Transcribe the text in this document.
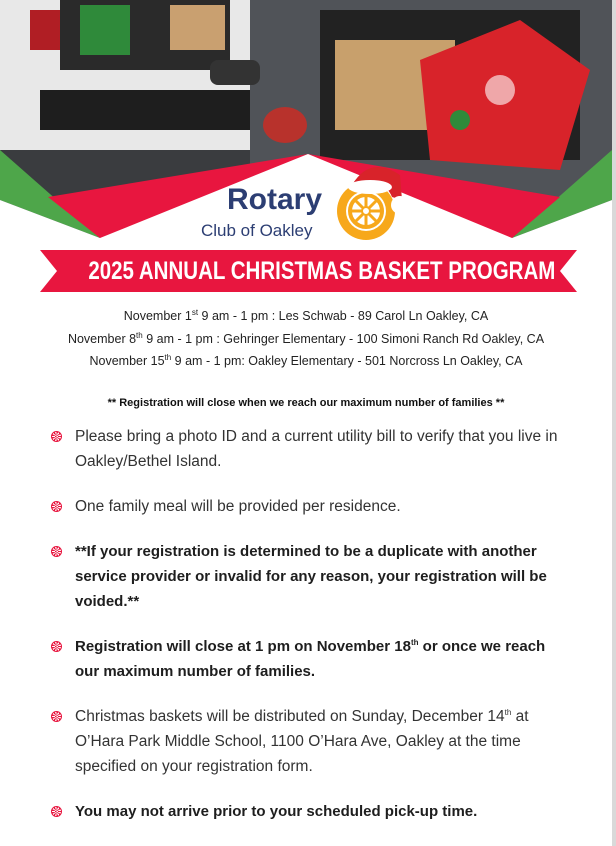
Rotary
Club of Oakley
2025 ANNUAL CHRISTMAS BASKET PROGRAM
November 1st 9 am - 1 pm : Les Schwab - 89 Carol Ln Oakley, CA
November 8th 9 am - 1 pm : Gehringer Elementary - 100 Simoni Ranch Rd Oakley, CA
November 15th 9 am - 1 pm: Oakley Elementary - 501 Norcross Ln Oakley, CA
** Registration will close when we reach our maximum number of families **
Please bring a photo ID and a current utility bill to verify that you live in Oakley/Bethel Island.
One family meal will be provided per residence.
**If your registration is determined to be a duplicate with another service provider or invalid for any reason, your registration will be voided.**
Registration will close at 1 pm on November 18th or once we reach our maximum number of families.
Christmas baskets will be distributed on Sunday, December 14th at O’Hara Park Middle School, 1100 O’Hara Ave, Oakley at the time specified on your registration form.
You may not arrive prior to your scheduled pick-up time.
